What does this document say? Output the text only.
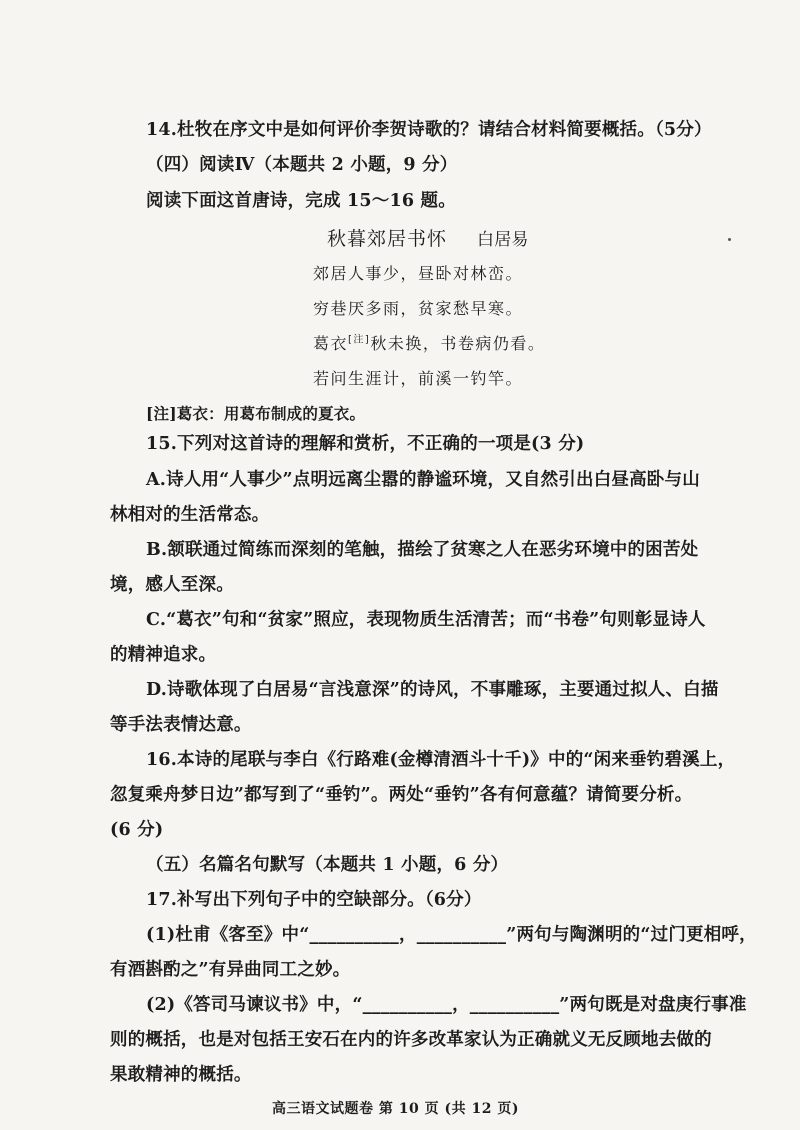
14.杜牧在序文中是如何评价李贺诗歌的？请结合材料简要概括。（5分）
（四）阅读Ⅳ（本题共 2 小题，9 分）
阅读下面这首唐诗，完成 15～16 题。
秋暮郊居书怀 白居易
郊居人事少，昼卧对林峦。
穷巷厌多雨，贫家愁早寒。
葛衣[注]秋未换，书卷病仍看。
若问生涯计，前溪一钓竿。
[注]葛衣：用葛布制成的夏衣。
15.下列对这首诗的理解和赏析，不正确的一项是(3 分)
A.诗人用“人事少”点明远离尘嚣的静谧环境，又自然引出白昼高卧与山
林相对的生活常态。
B.颔联通过简练而深刻的笔触，描绘了贫寒之人在恶劣环境中的困苦处
境，感人至深。
C.“葛衣”句和“贫家”照应，表现物质生活清苦；而“书卷”句则彰显诗人
的精神追求。
D.诗歌体现了白居易“言浅意深”的诗风，不事雕琢，主要通过拟人、白描
等手法表情达意。
16.本诗的尾联与李白《行路难(金樽清酒斗十千)》中的“闲来垂钓碧溪上，
忽复乘舟梦日边”都写到了“垂钓”。两处“垂钓”各有何意蕴？请简要分析。
(6 分)
（五）名篇名句默写（本题共 1 小题，6 分）
17.补写出下列句子中的空缺部分。（6分）
(1)杜甫《客至》中“__________，__________”两句与陶渊明的“过门更相呼，
有酒斟酌之”有异曲同工之妙。
(2)《答司马谏议书》中，“__________，__________”两句既是对盘庚行事准
则的概括，也是对包括王安石在内的许多改革家认为正确就义无反顾地去做的
果敢精神的概括。
高三语文试题卷 第 10 页 (共 12 页)
